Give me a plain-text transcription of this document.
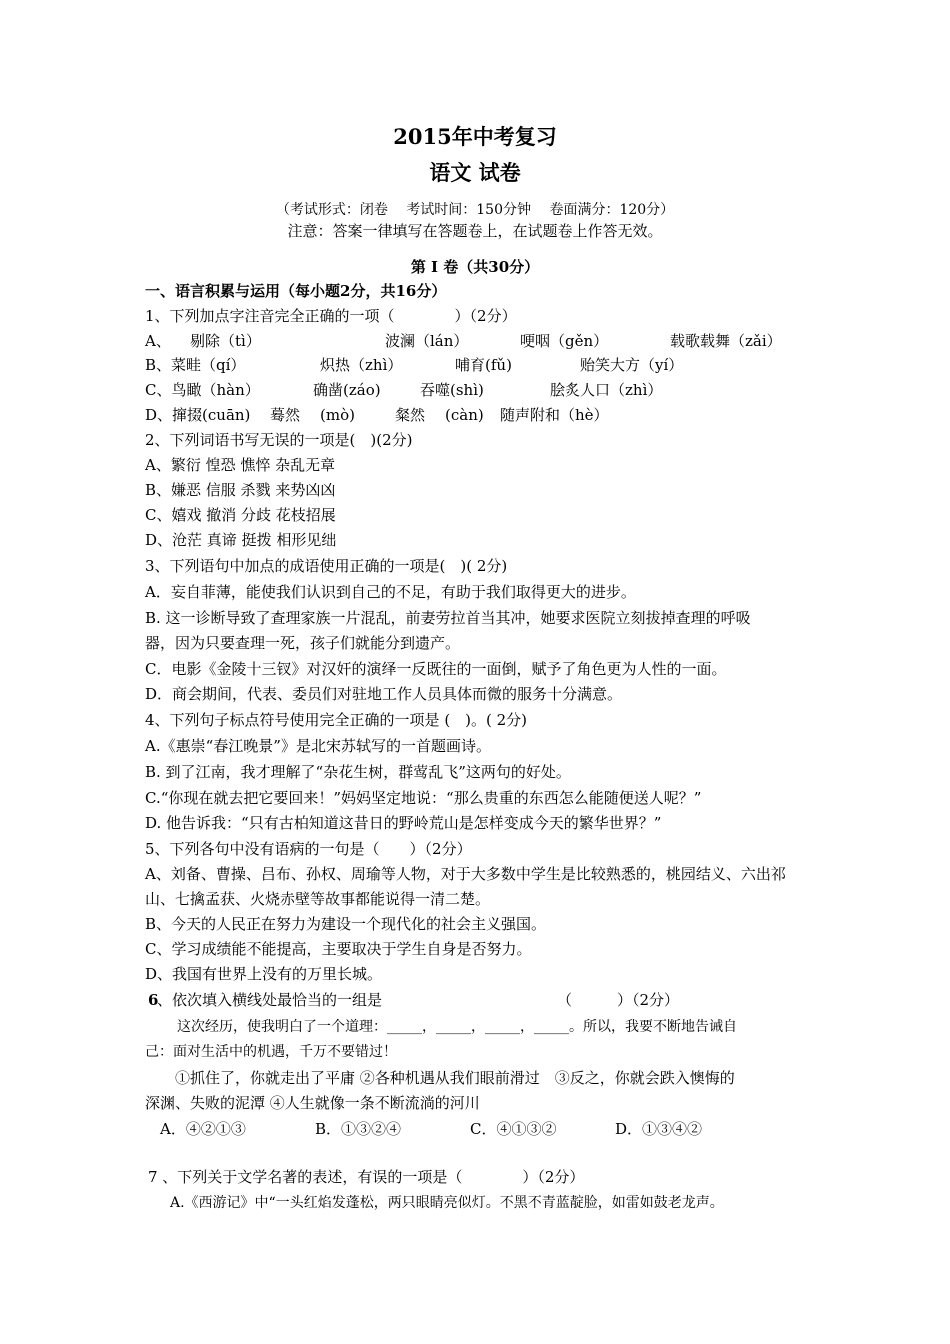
2015年中考复习
语文 试卷
（考试形式：闭卷　 考试时间：150分钟　 卷面满分：120分）
注意：答案一律填写在答题卷上，在试题卷上作答无效。
第 Ⅰ 卷（共30分）
一、语言积累与运用（每小题2分，共16分）
1、下列加点字注音完全正确的一项（　　　　）（2分）
A、 剔除（tì）	波澜（lán）	哽咽（gěn）	载歌载舞（zǎi）
B、菜畦（qí）	炽热（zhì）	哺育(fǔ)	贻笑大方（yí）
C、鸟瞰（hàn）	确凿(záo)	吞噬(shì)	脍炙人口（zhì）
D、撺掇(cuān) 蓦然 (mò)	粲然 (càn) 随声附和（hè）
2、下列词语书写无误的一项是(　)(2分)
A、繁衍 惶恐 憔悴 杂乱无章
B、嫌恶 信服 杀戮 来势凶凶
C、嬉戏 撤消 分歧 花枝招展
D、沧茫 真谛 挺拨 相形见绌
3、下列语句中加点的成语使用正确的一项是(　)( 2分)
A．妄自菲薄，能使我们认识到自己的不足，有助于我们取得更大的进步。
B. 这一诊断导致了查理家族一片混乱，前妻劳拉首当其冲，她要求医院立刻拔掉查理的呼吸
器，因为只要查理一死，孩子们就能分到遗产。
C．电影《金陵十三钗》对汉奸的演绎一反既往的一面倒，赋予了角色更为人性的一面。
D．商会期间，代表、委员们对驻地工作人员具体而微的服务十分满意。
4、下列句子标点符号使用完全正确的一项是 (　)。( 2分)
A.《惠崇“春江晚景”》是北宋苏轼写的一首题画诗。
B. 到了江南，我才理解了“杂花生树，群莺乱飞”这两句的好处。
C.“你现在就去把它要回来！”妈妈坚定地说：“那么贵重的东西怎么能随便送人呢？”
D. 他告诉我：“只有古柏知道这昔日的野岭荒山是怎样变成今天的繁华世界？”
5、下列各句中没有语病的一句是（　　）（2分）
A、刘备、曹操、吕布、孙权、周瑜等人物，对于大多数中学生是比较熟悉的，桃园结义、六出祁
山、七擒孟获、火烧赤壁等故事都能说得一清二楚。
B、今天的人民正在努力为建设一个现代化的社会主义强国。
C、学习成绩能不能提高，主要取决于学生自身是否努力。
D、我国有世界上没有的万里长城。
6
、依次填入横线处最恰当的一组是	（　　　）（2分）
这次经历，使我明白了一个道理：_____，_____，_____，_____。所以，我要不断地告诫自
己：面对生活中的机遇，千万不要错过！
①抓住了，你就走出了平庸 ②各种机遇从我们眼前滑过　③反之，你就会跌入懊悔的
深渊、失败的泥潭 ④人生就像一条不断流淌的河川
A．④②①③	B．①③②④	C．④①③②	D．①③④②
7 、下列关于文学名著的表述，有误的一项是（　　　　）（2分）
A.《西游记》中“一头红焰发蓬松，两只眼睛亮似灯。不黑不青蓝靛脸，如雷如鼓老龙声。
